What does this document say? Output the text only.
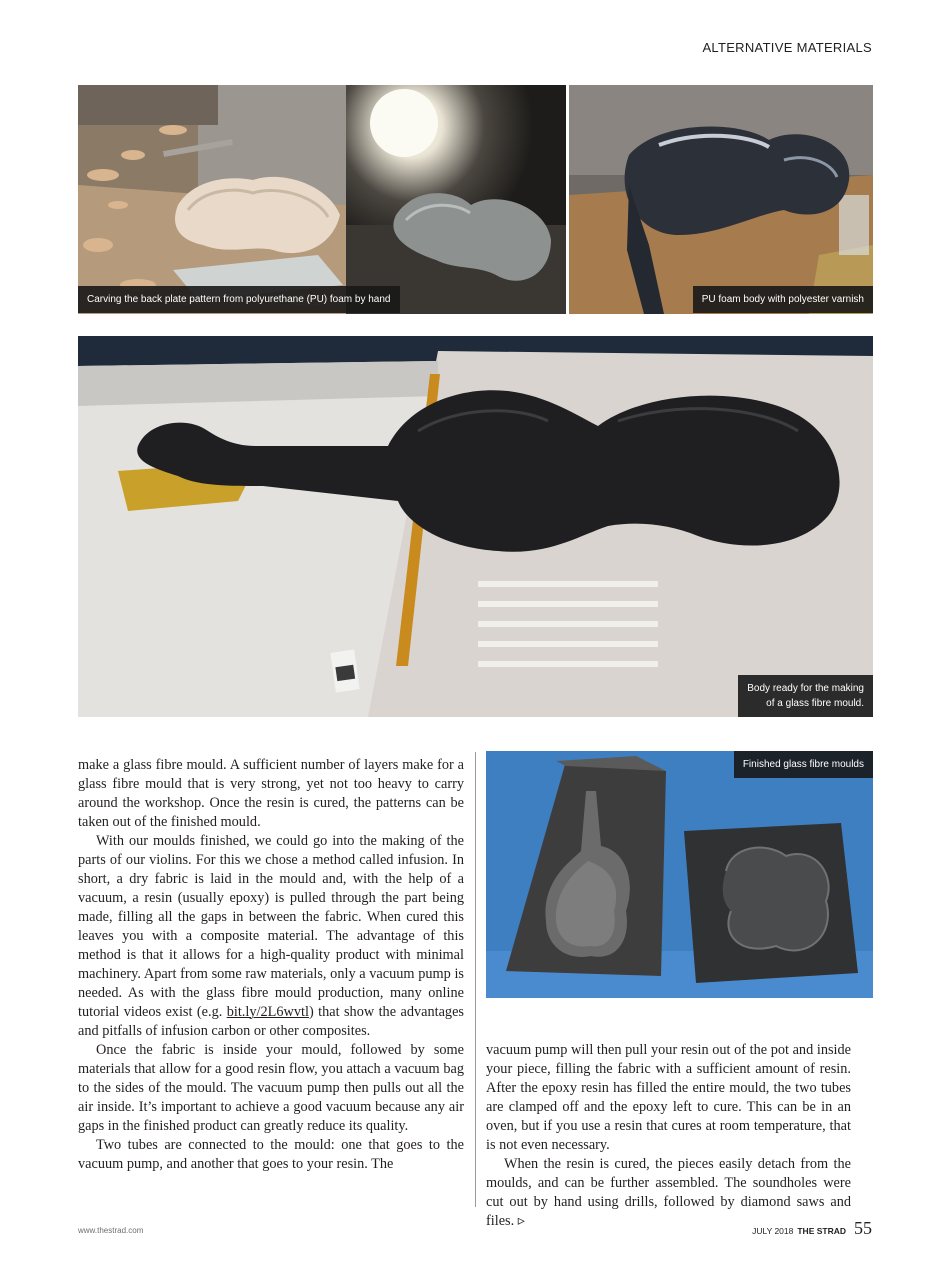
ALTERNATIVE MATERIALS
Carving the back plate pattern from polyurethane (PU) foam by hand	PU foam body with polyester varnish
Body ready for the making
of a glass fibre mould.
Finished glass fibre moulds

make a glass fibre mould. A sufficient number of layers make for a glass fibre mould that is very strong, yet not too heavy to carry around the workshop. Once the resin is cured, the patterns can be taken out of the finished mould.

With our moulds finished, we could go into the making of the parts of our violins. For this we chose a method called infusion. In short, a dry fabric is laid in the mould and, with the help of a vacuum, a resin (usually epoxy) is pulled through the part being made, filling all the gaps in between the fabric. When cured this leaves you with a composite material. The advantage of this method is that it allows for a high-quality product with minimal machinery. Apart from some raw materials, only a vacuum pump is needed. As with the glass fibre mould production, many online tutorial videos exist (e.g. bit.ly/2L6wvtl) that show the advantages and pitfalls of infusion carbon or other composites.

Once the fabric is inside your mould, followed by some materials that allow for a good resin flow, you attach a vacuum bag to the sides of the mould. The vacuum pump then pulls out all the air inside. It’s important to achieve a good vacuum because any air gaps in the finished product can greatly reduce its quality.

Two tubes are connected to the mould: one that goes to the vacuum pump, and another that goes to your resin. The

vacuum pump will then pull your resin out of the pot and inside your piece, filling the fabric with a sufficient amount of resin. After the epoxy resin has filled the entire mould, the two tubes are clamped off and the epoxy left to cure. This can be in an oven, but if you use a resin that cures at room temperature, that is not even necessary.

When the resin is cured, the pieces easily detach from the moulds, and can be further assembled. The soundholes were cut out by hand using drills, followed by diamond saws and files. ▹

www.thestrad.com	JULY 2018 THE STRAD 55
